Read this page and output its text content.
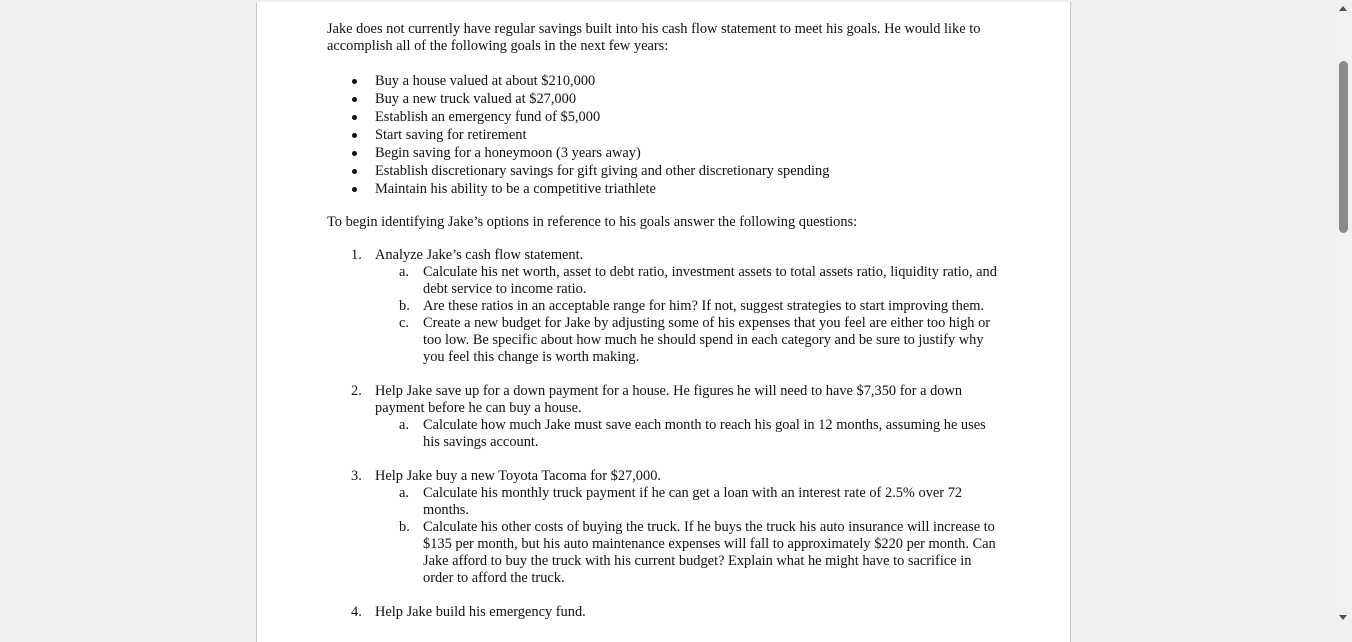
Jake does not currently have regular savings built into his cash flow statement to meet his goals. He would like to accomplish all of the following goals in the next few years:

Buy a house valued at about $210,000
Buy a new truck valued at $27,000
Establish an emergency fund of $5,000
Start saving for retirement
Begin saving for a honeymoon (3 years away)
Establish discretionary savings for gift giving and other discretionary spending
Maintain his ability to be a competitive triathlete

To begin identifying Jake’s options in reference to his goals answer the following questions:

1. Analyze Jake’s cash flow statement.
a. Calculate his net worth, asset to debt ratio, investment assets to total assets ratio, liquidity ratio, and debt service to income ratio.
b. Are these ratios in an acceptable range for him? If not, suggest strategies to start improving them.
c. Create a new budget for Jake by adjusting some of his expenses that you feel are either too high or too low. Be specific about how much he should spend in each category and be sure to justify why you feel this change is worth making.
2. Help Jake save up for a down payment for a house. He figures he will need to have $7,350 for a down payment before he can buy a house.
a. Calculate how much Jake must save each month to reach his goal in 12 months, assuming he uses his savings account.
3. Help Jake buy a new Toyota Tacoma for $27,000.
a. Calculate his monthly truck payment if he can get a loan with an interest rate of 2.5% over 72 months.
b. Calculate his other costs of buying the truck. If he buys the truck his auto insurance will increase to $135 per month, but his auto maintenance expenses will fall to approximately $220 per month. Can Jake afford to buy the truck with his current budget? Explain what he might have to sacrifice in order to afford the truck.
4. Help Jake build his emergency fund.
